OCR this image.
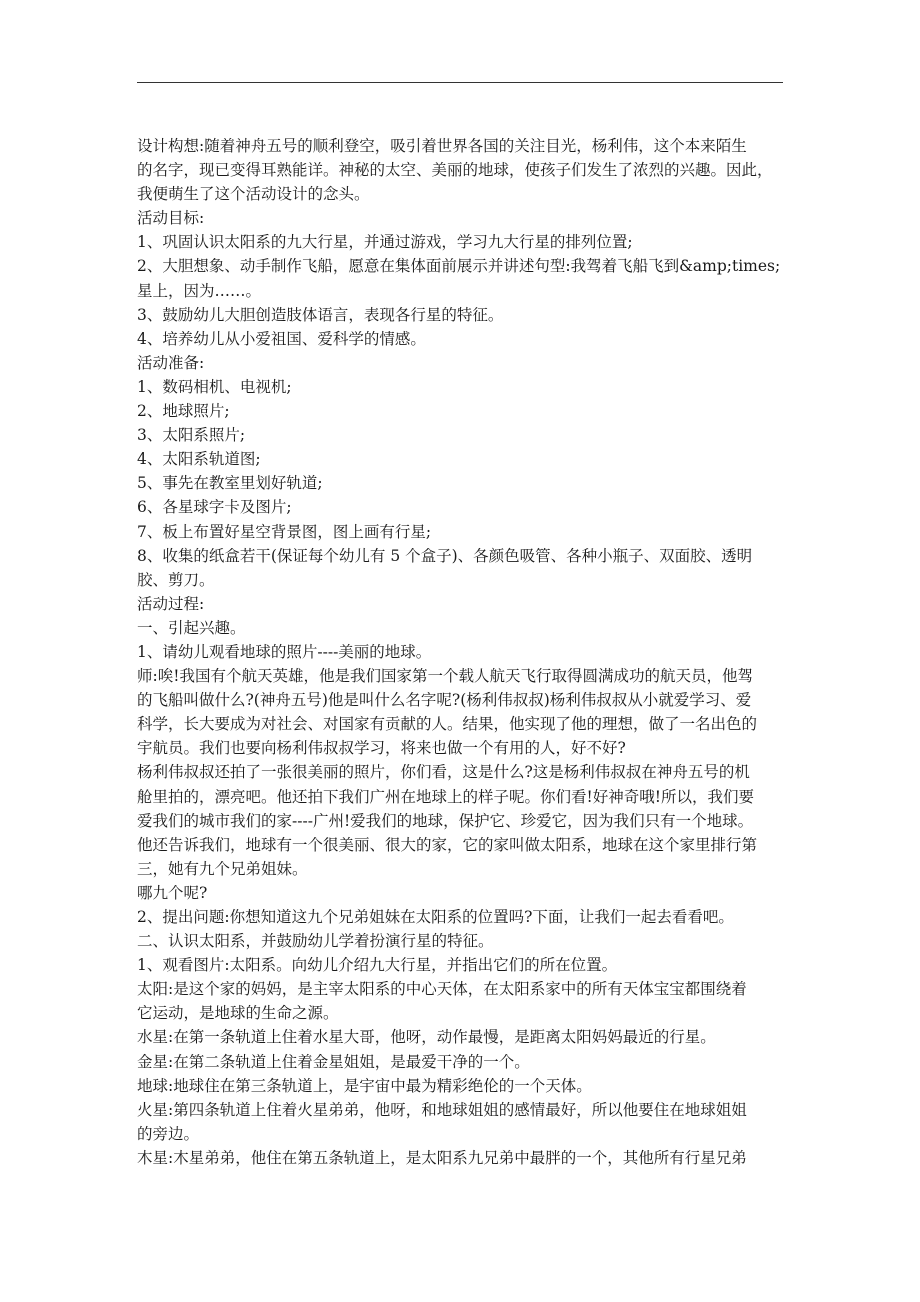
设计构想:随着神舟五号的顺利登空，吸引着世界各国的关注目光，杨利伟，这个本来陌生

的名字，现已变得耳熟能详。神秘的太空、美丽的地球，使孩子们发生了浓烈的兴趣。因此，

我便萌生了这个活动设计的念头。

活动目标:

1、巩固认识太阳系的九大行星，并通过游戏，学习九大行星的排列位置;

2、大胆想象、动手制作飞船，愿意在集体面前展示并讲述句型:我驾着飞船飞到&amp;times;

星上，因为……。

3、鼓励幼儿大胆创造肢体语言，表现各行星的特征。

4、培养幼儿从小爱祖国、爱科学的情感。

活动准备:

1、数码相机、电视机;

2、地球照片;

3、太阳系照片;

4、太阳系轨道图;

5、事先在教室里划好轨道;

6、各星球字卡及图片;

7、板上布置好星空背景图，图上画有行星;

8、收集的纸盒若干(保证每个幼儿有 5 个盒子)、各颜色吸管、各种小瓶子、双面胶、透明

胶、剪刀。

活动过程:

一、引起兴趣。

1、请幼儿观看地球的照片----美丽的地球。

师:唉!我国有个航天英雄，他是我们国家第一个载人航天飞行取得圆满成功的航天员，他驾

的飞船叫做什么?(神舟五号)他是叫什么名字呢?(杨利伟叔叔)杨利伟叔叔从小就爱学习、爱

科学，长大要成为对社会、对国家有贡献的人。结果，他实现了他的理想，做了一名出色的

宇航员。我们也要向杨利伟叔叔学习，将来也做一个有用的人，好不好?

杨利伟叔叔还拍了一张很美丽的照片，你们看，这是什么?这是杨利伟叔叔在神舟五号的机

舱里拍的，漂亮吧。他还拍下我们广州在地球上的样子呢。你们看!好神奇哦!所以，我们要

爱我们的城市我们的家----广州!爱我们的地球，保护它、珍爱它，因为我们只有一个地球。

他还告诉我们，地球有一个很美丽、很大的家，它的家叫做太阳系，地球在这个家里排行第

三，她有九个兄弟姐妹。

哪九个呢?

2、提出问题:你想知道这九个兄弟姐妹在太阳系的位置吗?下面，让我们一起去看看吧。

二、认识太阳系，并鼓励幼儿学着扮演行星的特征。

1、观看图片:太阳系。向幼儿介绍九大行星，并指出它们的所在位置。

太阳:是这个家的妈妈，是主宰太阳系的中心天体，在太阳系家中的所有天体宝宝都围绕着

它运动，是地球的生命之源。

水星:在第一条轨道上住着水星大哥，他呀，动作最慢，是距离太阳妈妈最近的行星。

金星:在第二条轨道上住着金星姐姐，是最爱干净的一个。

地球:地球住在第三条轨道上，是宇宙中最为精彩绝伦的一个天体。

火星:第四条轨道上住着火星弟弟，他呀，和地球姐姐的感情最好，所以他要住在地球姐姐

的旁边。

木星:木星弟弟，他住在第五条轨道上，是太阳系九兄弟中最胖的一个，其他所有行星兄弟
